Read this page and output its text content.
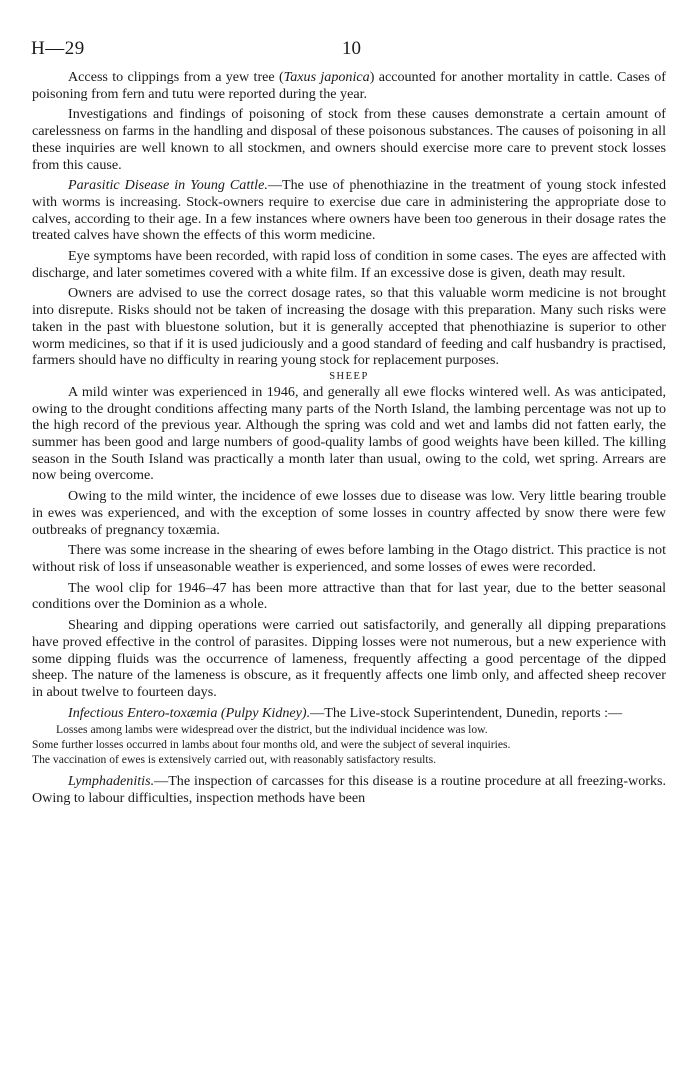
H—29	10

Access to clippings from a yew tree (Taxus japonica) accounted for another mortality in cattle. Cases of poisoning from fern and tutu were reported during the year.

Investigations and findings of poisoning of stock from these causes demonstrate a certain amount of carelessness on farms in the handling and disposal of these poisonous substances. The causes of poisoning in all these inquiries are well known to all stockmen, and owners should exercise more care to prevent stock losses from this cause.

Parasitic Disease in Young Cattle.—The use of phenothiazine in the treatment of young stock infested with worms is increasing. Stock-owners require to exercise due care in administering the appropriate dose to calves, according to their age. In a few instances where owners have been too generous in their dosage rates the treated calves have shown the effects of this worm medicine.

Eye symptoms have been recorded, with rapid loss of condition in some cases. The eyes are affected with discharge, and later sometimes covered with a white film. If an excessive dose is given, death may result.

Owners are advised to use the correct dosage rates, so that this valuable worm medicine is not brought into disrepute. Risks should not be taken of increasing the dosage with this preparation. Many such risks were taken in the past with bluestone solution, but it is generally accepted that phenothiazine is superior to other worm medicines, so that if it is used judiciously and a good standard of feeding and calf husbandry is practised, farmers should have no difficulty in rearing young stock for replacement purposes.

SHEEP

A mild winter was experienced in 1946, and generally all ewe flocks wintered well. As was anticipated, owing to the drought conditions affecting many parts of the North Island, the lambing percentage was not up to the high record of the previous year. Although the spring was cold and wet and lambs did not fatten early, the summer has been good and large numbers of good-quality lambs of good weights have been killed. The killing season in the South Island was practically a month later than usual, owing to the cold, wet spring. Arrears are now being overcome.

Owing to the mild winter, the incidence of ewe losses due to disease was low. Very little bearing trouble in ewes was experienced, and with the exception of some losses in country affected by snow there were few outbreaks of pregnancy toxæmia.

There was some increase in the shearing of ewes before lambing in the Otago district. This practice is not without risk of loss if unseasonable weather is experienced, and some losses of ewes were recorded.

The wool clip for 1946–47 has been more attractive than that for last year, due to the better seasonal conditions over the Dominion as a whole.

Shearing and dipping operations were carried out satisfactorily, and generally all dipping preparations have proved effective in the control of parasites. Dipping losses were not numerous, but a new experience with some dipping fluids was the occurrence of lameness, frequently affecting a good percentage of the dipped sheep. The nature of the lameness is obscure, as it frequently affects one limb only, and affected sheep recover in about twelve to fourteen days.

Infectious Entero-toxæmia (Pulpy Kidney).—The Live-stock Superintendent, Dunedin, reports :—

Losses among lambs were widespread over the district, but the individual incidence was low.
Some further losses occurred in lambs about four months old, and were the subject of several inquiries.
The vaccination of ewes is extensively carried out, with reasonably satisfactory results.

Lymphadenitis.—The inspection of carcasses for this disease is a routine procedure at all freezing-works. Owing to labour difficulties, inspection methods have been
